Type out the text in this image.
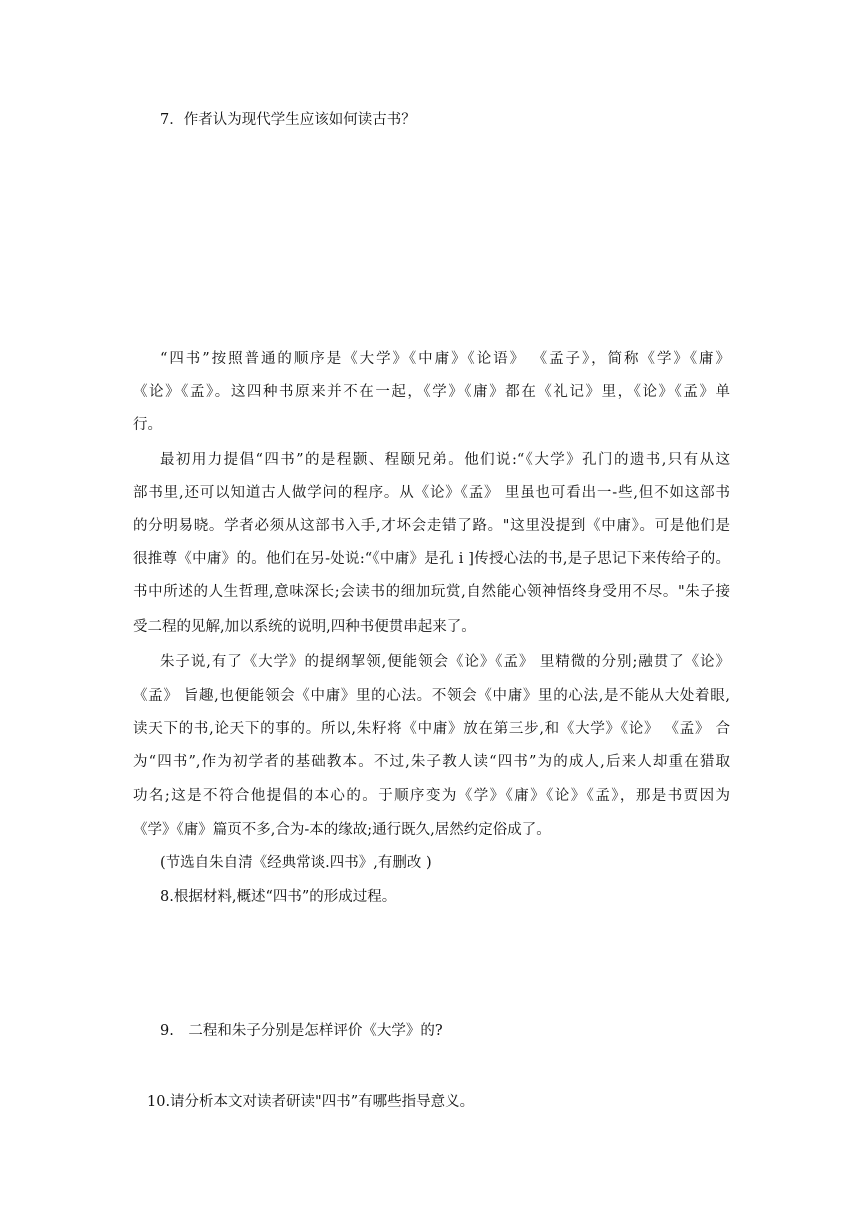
7．作者认为现代学生应该如何读古书？
“四书”按照普通的顺序是《大学》《中庸》《论语》 《孟子》，简称《学》《庸》
《论》《孟》。这四种书原来并不在一起，《学》《庸》都在《礼记》里，《论》《孟》单
行。
最初用力提倡“四书”的是程颢、程颐兄弟。他们说:“《大学》孔门的遗书,只有从这
部书里,还可以知道古人做学问的程序。从《论》《孟》 里虽也可看出一-些,但不如这部书
的分明易晓。学者必须从这部书入手,才坏会走错了路。"这里没提到《中庸》。可是他们是
很推尊《中庸》的。他们在另-处说:“《中庸》是孔 i ]传授心法的书,是子思记下来传给子的。
书中所述的人生哲理,意味深长;会读书的细加玩赏,自然能心领神悟终身受用不尽。"朱子接
受二程的见解,加以系统的说明,四种书便贯串起来了。
朱子说,有了《大学》的提纲挈领,便能领会《论》《孟》 里精微的分别;融贯了《论》
《孟》 旨趣,也便能领会《中庸》里的心法。不领会《中庸》里的心法,是不能从大处着眼,
读天下的书,论天下的事的。所以,朱籽将《中庸》放在第三步,和《大学》《论》 《孟》 合
为“四书”,作为初学者的基础教本。不过,朱子教人读“四书”为的成人,后来人却重在猎取
功名;这是不符合他提倡的本心的。于顺序变为《学》《庸》《论》《孟》，那是书贾因为
《学》《庸》篇页不多,合为-本的缘故;通行既久,居然约定俗成了。
(节选自朱自清《经典常谈.四书》,有删改 )
8.根据材料,概述“四书”的形成过程。
9.　二程和朱子分别是怎样评价《大学》的?
10.请分析本文对读者研读"四书”有哪些指导意义。
